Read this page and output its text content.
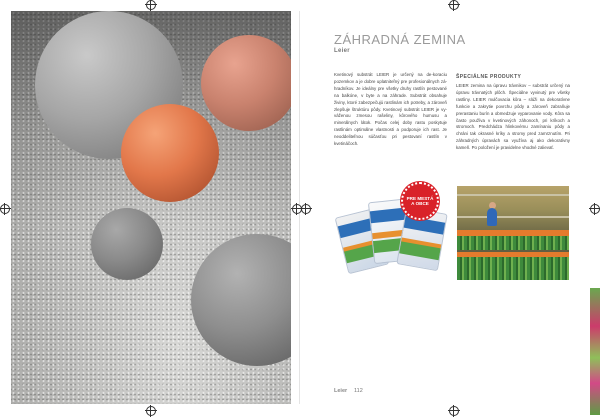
ZÁHRADNÁ ZEMINA
Leier

Kvetinový substrát LEIER je určený na de-koraciu pozemkov a je dobre uplatniteľný pre profesionálnych záhradníkov. Je ideálny pre všetky druhy rastlín pestované na balkóne, v byte a na záhrade. Substrát obsahuje živiny, ktoré zabezpečujú rastlinám ich potreby, a zároveň zlepšuje štruktúru pôdy. Kvetinový substrát LEIER je vyváženou zmesou rašeliny, kôrového humusu a minerálnych látok. Počas celej doby rastu poskytuje rastlinám optimálne vlastnosti a podporuje ich rast. Je neoddeliteľnou súčasťou pri pestovaní rastlín v kvetináčoch.

ŠPECIÁLNE PRODUKTY

LEIER zemina na úpravu trávnikov – substrát určený na úpravu trávnatých plôch. Špeciálne vyvinutý pre všetky rastliny. LEIER mulčovacia kôra – slúži na dekoratívne funkcie a zakrytie povrchu pôdy a zároveň zabraňuje prerastaniu burín a obmedzuje vyparovanie vody. Kôra sa často používa v kvetinových záhonoch, pri kríkoch a stromoch. Predchádza hlinkovému zamínaniu pôdy a chráni tak okrasné kríky a stromy pred zamrznutím. Pri záhradných úpravách sa využíva aj ako dekoratívny kameň. Po položení je pravidelne vhodné zalievať.

PRE MESTÁ
A OBCE
Leier 112
